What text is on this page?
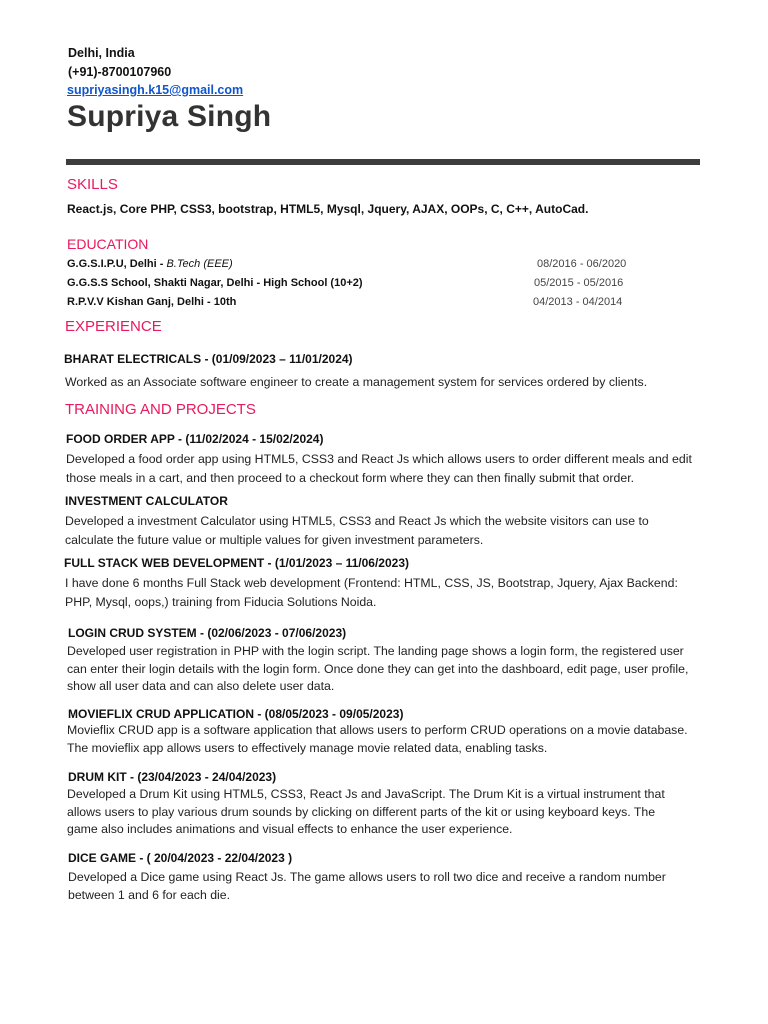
Delhi, India
(+91)-8700107960
supriyasingh.k15@gmail.com
Supriya Singh
SKILLS
React.js, Core PHP, CSS3, bootstrap, HTML5, Mysql, Jquery, AJAX, OOPs, C, C++, AutoCad.
EDUCATION
G.G.S.I.P.U, Delhi - B.Tech (EEE)	08/2016 - 06/2020
G.G.S.S School, Shakti Nagar, Delhi - High School (10+2)	05/2015 - 05/2016
R.P.V.V Kishan Ganj, Delhi - 10th	04/2013 - 04/2014
EXPERIENCE
BHARAT ELECTRICALS - (01/09/2023 – 11/01/2024)
Worked as an Associate software engineer to create a management system for services ordered by clients.
TRAINING AND PROJECTS
FOOD ORDER APP - (11/02/2024 - 15/02/2024)
Developed a food order app using HTML5, CSS3 and React Js which allows users to order different meals and edit those meals in a cart, and then proceed to a checkout form where they can then finally submit that order.
INVESTMENT CALCULATOR
Developed a investment Calculator using HTML5, CSS3 and React Js which the website visitors can use to calculate the future value or multiple values for given investment parameters.
FULL STACK WEB DEVELOPMENT - (1/01/2023 – 11/06/2023)
I have done 6 months Full Stack web development (Frontend: HTML, CSS, JS, Bootstrap, Jquery, Ajax Backend: PHP, Mysql, oops,) training from Fiducia Solutions Noida.
LOGIN CRUD SYSTEM - (02/06/2023 - 07/06/2023)
Developed user registration in PHP with the login script. The landing page shows a login form, the registered user can enter their login details with the login form. Once done they can get into the dashboard, edit page, user profile, show all user data and can also delete user data.
MOVIEFLIX CRUD APPLICATION - (08/05/2023 - 09/05/2023)
Movieflix CRUD app is a software application that allows users to perform CRUD operations on a movie database. The movieflix app allows users to effectively manage movie related data, enabling tasks.
DRUM KIT - (23/04/2023 - 24/04/2023)
Developed a Drum Kit using HTML5, CSS3, React Js and JavaScript. The Drum Kit is a virtual instrument that allows users to play various drum sounds by clicking on different parts of the kit or using keyboard keys. The game also includes animations and visual effects to enhance the user experience.
DICE GAME - ( 20/04/2023 - 22/04/2023 )
Developed a Dice game using React Js. The game allows users to roll two dice and receive a random number between 1 and 6 for each die.
